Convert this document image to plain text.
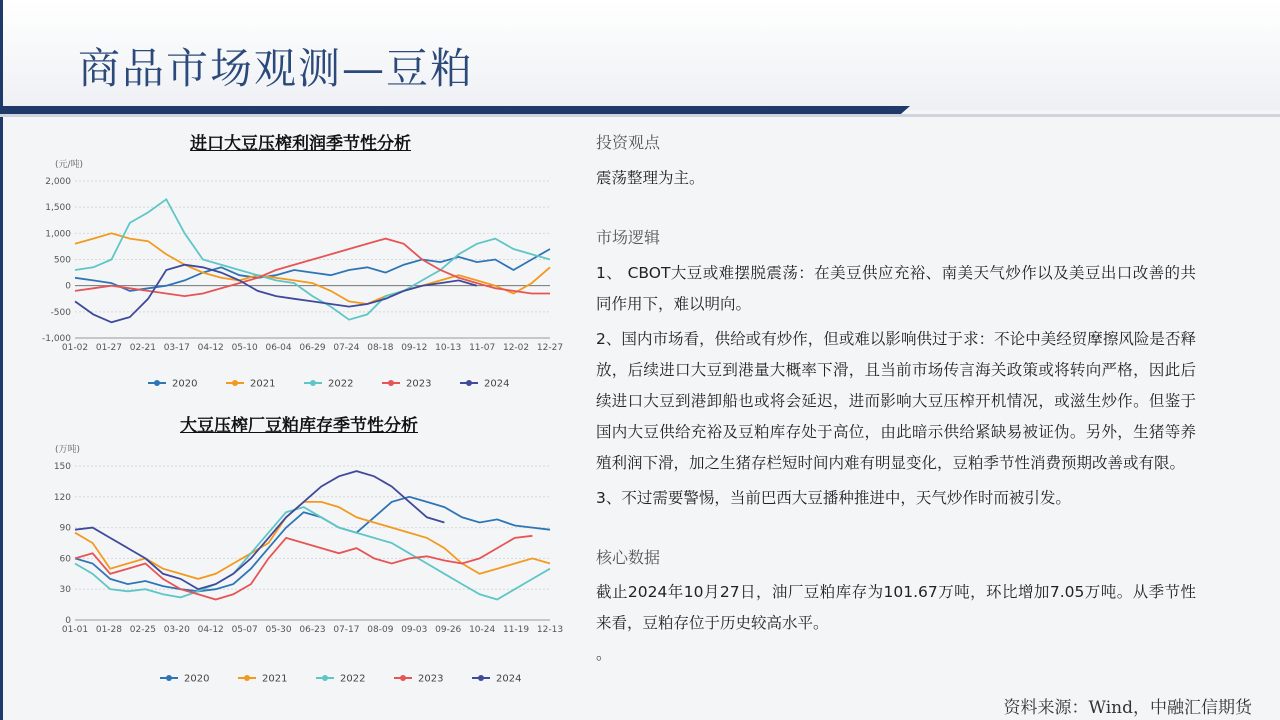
商品市场观测—豆粕
进口大豆压榨利润季节性分析
(元/吨)
-1,000
-500
0
500
1,000
1,500
2,000
01-02 01-27 02-21 03-17 04-12 05-10 06-04 06-29 07-24 08-18 09-12 10-13 11-07 12-02 12-27
2020	2021	2022	2023	2024
大豆压榨厂豆粕库存季节性分析
(万吨)
0
30
60
90
120
150
01-01 01-28 02-25 03-20 04-12 05-07 05-30 06-23 07-17 08-09 09-03 09-26 10-24 11-19 12-13
2020	2021	2022	2023	2024
投资观点
震荡整理为主。
市场逻辑
1、 CBOT大豆或难摆脱震荡：在美豆供应充裕、南美天气炒作以及美豆出口改善的共同作用下，难以明向。
2、国内市场看，供给或有炒作，但或难以影响供过于求：不论中美经贸摩擦风险是否释放，后续进口大豆到港量大概率下滑，且当前市场传言海关政策或将转向严格，因此后续进口大豆到港卸船也或将会延迟，进而影响大豆压榨开机情况，或滋生炒作。但鉴于国内大豆供给充裕及豆粕库存处于高位，由此暗示供给紧缺易被证伪。另外，生猪等养殖利润下滑，加之生猪存栏短时间内难有明显变化，豆粕季节性消费预期改善或有限。
3、不过需要警惕，当前巴西大豆播种推进中，天气炒作时而被引发。
核心数据
截止2024年10月27日，油厂豆粕库存为101.67万吨，环比增加7.05万吨。从季节性来看，豆粕存位于历史较高水平。
。
资料来源：Wind，中融汇信期货
